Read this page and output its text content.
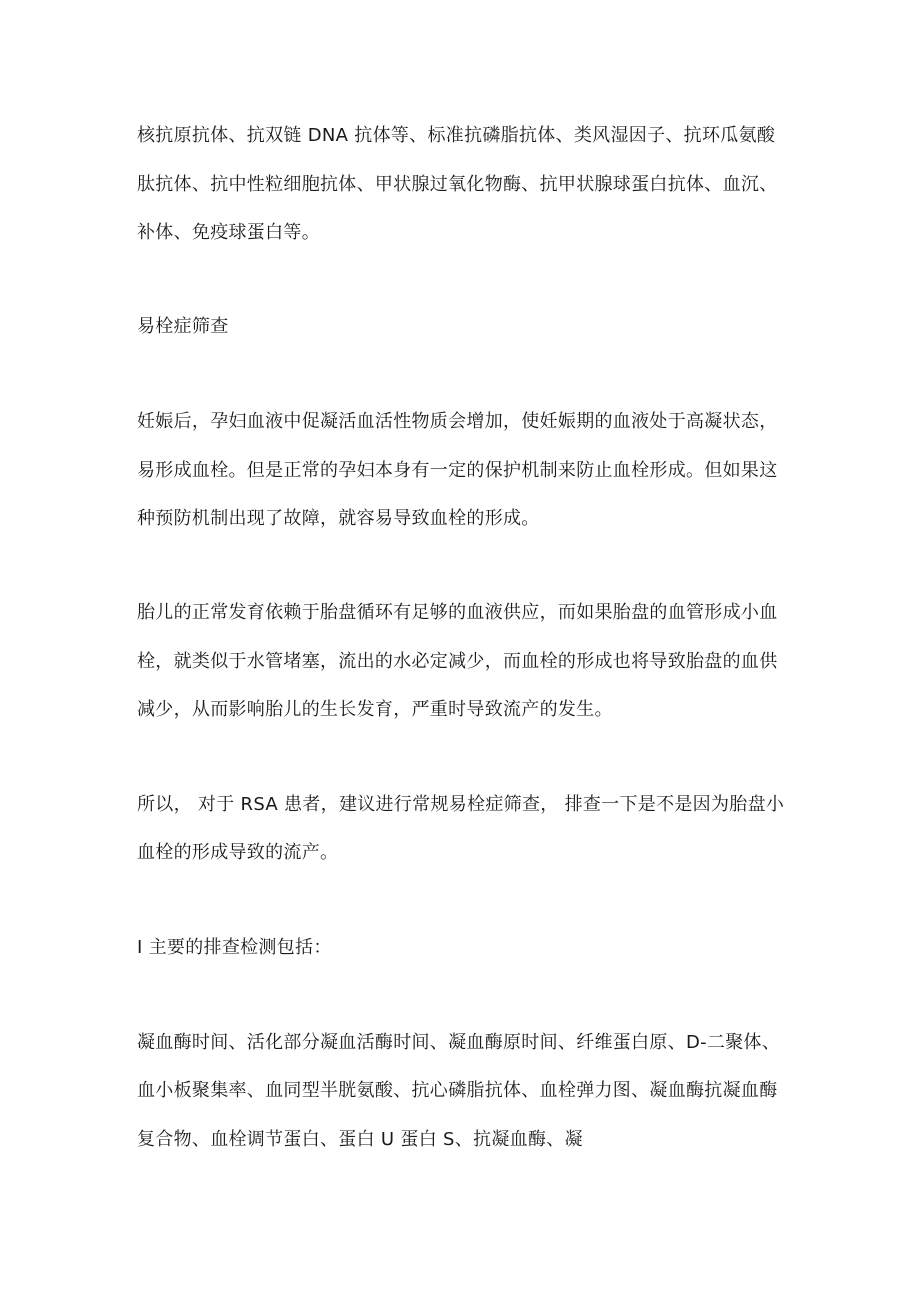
核抗原抗体、抗双链 DNA 抗体等、标准抗磷脂抗体、类风湿因子、抗环瓜氨酸
肽抗体、抗中性粒细胞抗体、甲状腺过氧化物酶、抗甲状腺球蛋白抗体、血沉、
补体、免疫球蛋白等。
易栓症筛查
妊娠后，孕妇血液中促凝活血活性物质会增加，使妊娠期的血液处于高凝状态，
易形成血栓。但是正常的孕妇本身有一定的保护机制来防止血栓形成。但如果这
种预防机制出现了故障，就容易导致血栓的形成。
胎儿的正常发育依赖于胎盘循环有足够的血液供应，而如果胎盘的血管形成小血
栓，就类似于水管堵塞，流出的水必定减少，而血栓的形成也将导致胎盘的血供
减少，从而影响胎儿的生长发育，严重时导致流产的发生。
所以， 对于 RSA 患者，建议进行常规易栓症筛查， 排查一下是不是因为胎盘小
血栓的形成导致的流产。
I 主要的排查检测包括：
凝血酶时间、活化部分凝血活酶时间、凝血酶原时间、纤维蛋白原、D-二聚体、
血小板聚集率、血同型半胱氨酸、抗心磷脂抗体、血栓弹力图、凝血酶抗凝血酶
复合物、血栓调节蛋白、蛋白 U 蛋白 S、抗凝血酶、凝
